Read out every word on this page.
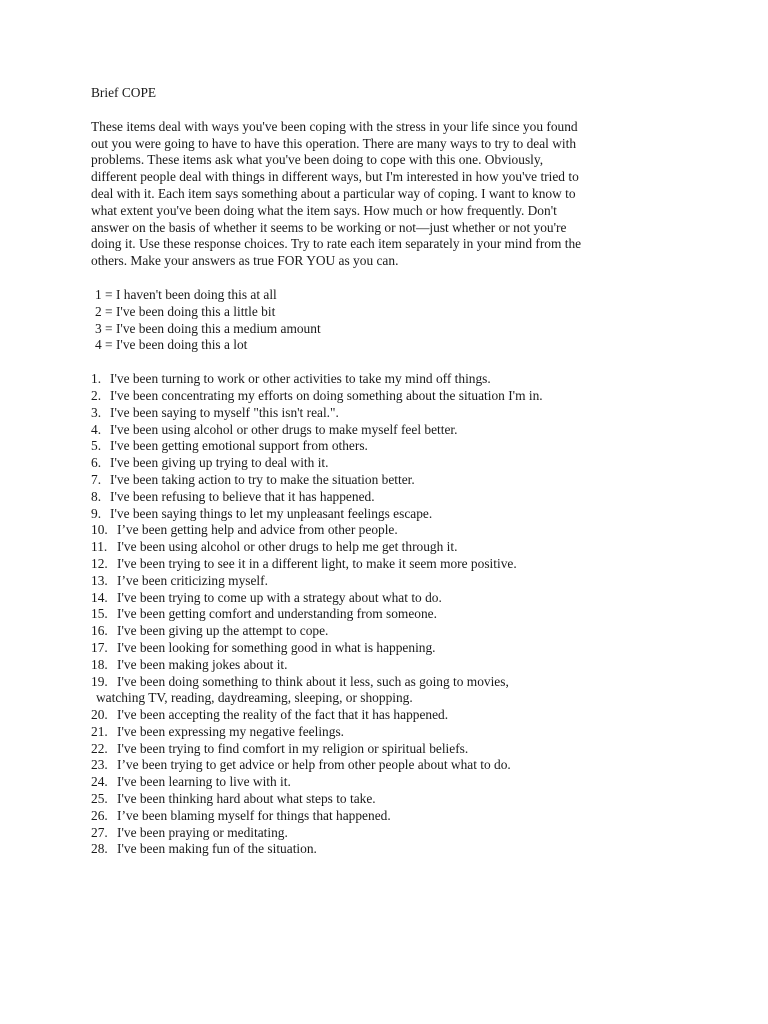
Brief COPE
These items deal with ways you've been coping with the stress in your life since you found
out you were going to have to have this operation. There are many ways to try to deal with
problems. These items ask what you've been doing to cope with this one. Obviously,
different people deal with things in different ways, but I'm interested in how you've tried to
deal with it. Each item says something about a particular way of coping. I want to know to
what extent you've been doing what the item says. How much or how frequently. Don't
answer on the basis of whether it seems to be working or not—just whether or not you're
doing it. Use these response choices. Try to rate each item separately in your mind from the
others. Make your answers as true FOR YOU as you can.
1 = I haven't been doing this at all
2 = I've been doing this a little bit
3 = I've been doing this a medium amount
4 = I've been doing this a lot
1. I've been turning to work or other activities to take my mind off things.
2. I've been concentrating my efforts on doing something about the situation I'm in.
3. I've been saying to myself "this isn't real.".
4. I've been using alcohol or other drugs to make myself feel better.
5. I've been getting emotional support from others.
6. I've been giving up trying to deal with it.
7. I've been taking action to try to make the situation better.
8. I've been refusing to believe that it has happened.
9. I've been saying things to let my unpleasant feelings escape.
10. I’ve been getting help and advice from other people.
11. I've been using alcohol or other drugs to help me get through it.
12. I've been trying to see it in a different light, to make it seem more positive.
13. I’ve been criticizing myself.
14. I've been trying to come up with a strategy about what to do.
15. I've been getting comfort and understanding from someone.
16. I've been giving up the attempt to cope.
17. I've been looking for something good in what is happening.
18. I've been making jokes about it.
19. I've been doing something to think about it less, such as going to movies,
watching TV, reading, daydreaming, sleeping, or shopping.
20. I've been accepting the reality of the fact that it has happened.
21. I've been expressing my negative feelings.
22. I've been trying to find comfort in my religion or spiritual beliefs.
23. I’ve been trying to get advice or help from other people about what to do.
24. I've been learning to live with it.
25. I've been thinking hard about what steps to take.
26. I’ve been blaming myself for things that happened.
27. I've been praying or meditating.
28. I've been making fun of the situation.
